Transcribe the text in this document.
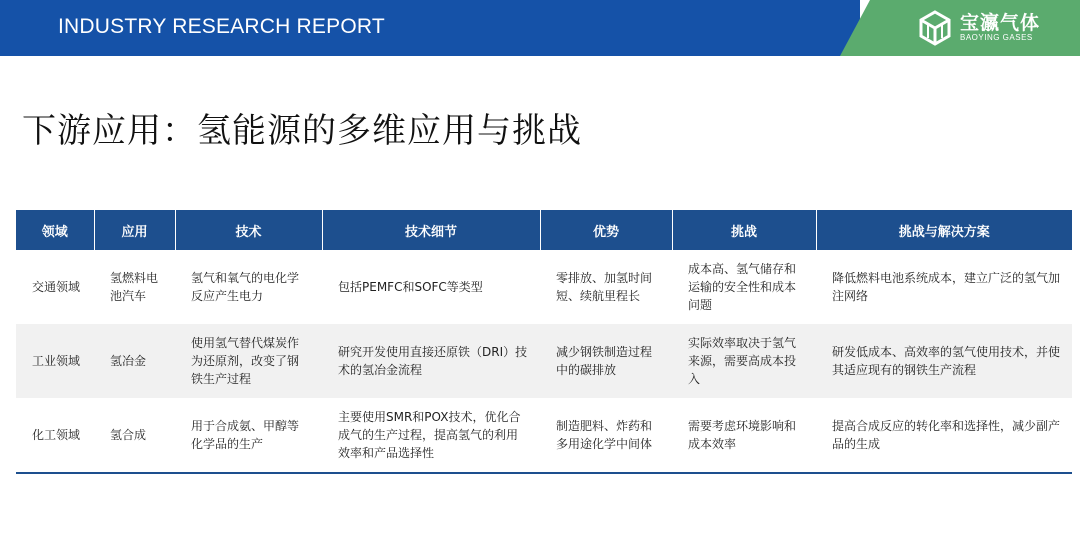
INDUSTRY RESEARCH REPORT	宝瀛气体
BAOYING GASES
下游应用：氢能源的多维应用与挑战
领域	应用	技术	技术细节	优势	挑战	挑战与解决方案
交通领域	氢燃料电池汽车	氢气和氧气的电化学反应产生电力	包括PEMFC和SOFC等类型	零排放、加氢时间短、续航里程长	成本高、氢气储存和运输的安全性和成本问题	降低燃料电池系统成本，建立广泛的氢气加注网络
工业领域	氢冶金	使用氢气替代煤炭作为还原剂，改变了钢铁生产过程	研究开发使用直接还原铁（DRI）技术的氢冶金流程	减少钢铁制造过程中的碳排放	实际效率取决于氢气来源，需要高成本投入	研发低成本、高效率的氢气使用技术，并使其适应现有的钢铁生产流程
化工领域	氢合成	用于合成氨、甲醇等化学品的生产	主要使用SMR和POX技术，优化合成气的生产过程，提高氢气的利用效率和产品选择性	制造肥料、炸药和多用途化学中间体	需要考虑环境影响和成本效率	提高合成反应的转化率和选择性，减少副产品的生成
